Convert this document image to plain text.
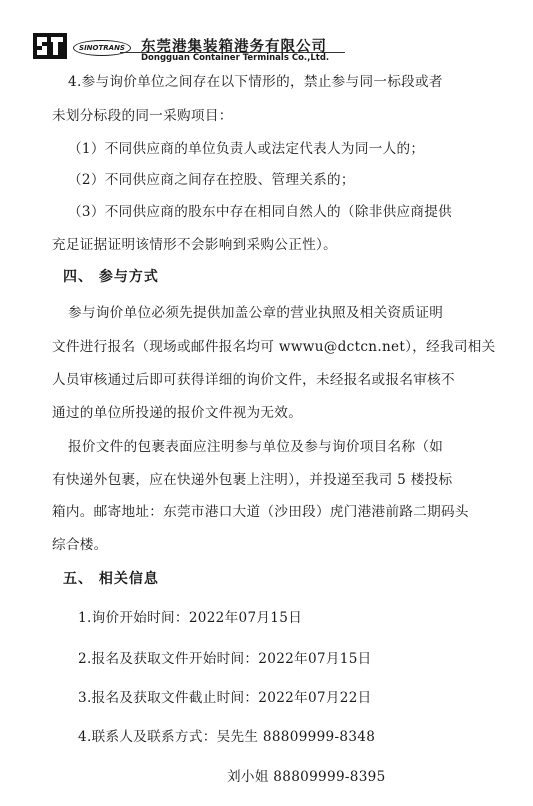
SINOTRANS	东莞港集装箱港务有限公司
Dongguan Container Terminals Co.,Ltd.
4.参与询价单位之间存在以下情形的，禁止参与同一标段或者
未划分标段的同一采购项目：
（1）不同供应商的单位负责人或法定代表人为同一人的；
（2）不同供应商之间存在控股、管理关系的；
（3）不同供应商的股东中存在相同自然人的（除非供应商提供
充足证据证明该情形不会影响到采购公正性）。
四、 参与方式
参与询价单位必须先提供加盖公章的营业执照及相关资质证明
文件进行报名（现场或邮件报名均可 wwwu@dctcn.net），经我司相关
人员审核通过后即可获得详细的询价文件，未经报名或报名审核不
通过的单位所投递的报价文件视为无效。
报价文件的包裹表面应注明参与单位及参与询价项目名称（如
有快递外包裹，应在快递外包裹上注明），并投递至我司 5 楼投标
箱内。邮寄地址：东莞市港口大道（沙田段）虎门港港前路二期码头
综合楼。
五、 相关信息
1.询价开始时间：2022年07月15日
2.报名及获取文件开始时间：2022年07月15日
3.报名及获取文件截止时间：2022年07月22日
4.联系人及联系方式：吴先生 88809999-8348
刘小姐 88809999-8395
